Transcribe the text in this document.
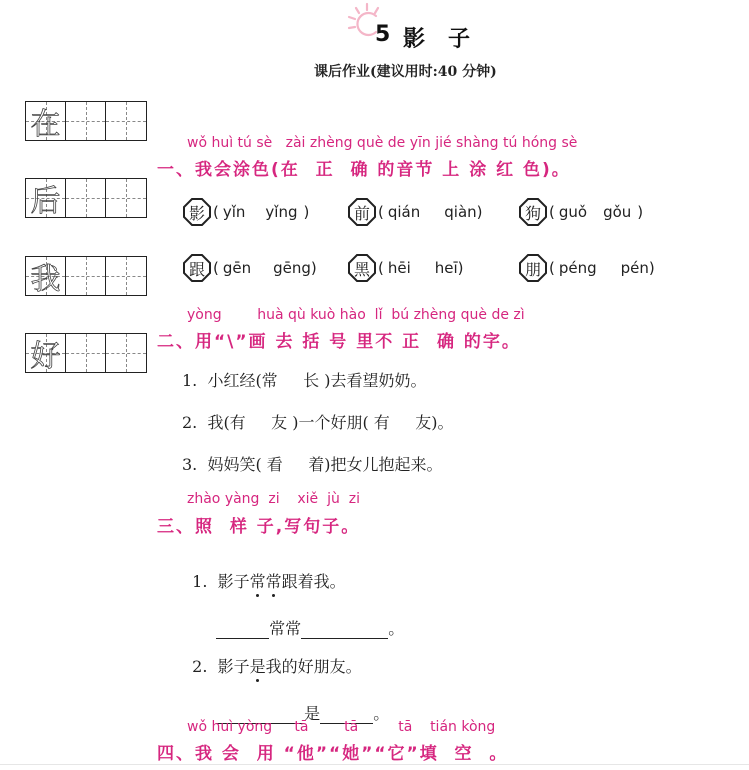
5 影   子
课后作业(建议用时:40 分钟)
在
后
我
好
wǒ huì tú sè   zài zhèng què de yīn jié shàng tú hóng sè
一、我会涂色(在  正  确 的音节 上 涂 红 色)。
影 ( yǐn yǐng )	前 ( qián qiàn )	狗 ( guǒ gǒu )
跟 ( gēn gēng ) 黑 ( hēi heī )	朋 ( péng pén )
yòng        huà qù kuò hào  lǐ  bú zhèng què de zì
二、用“\”画 去 括 号 里不 正  确 的字。
1.  小红经(常     长 )去看望奶奶。
2.  我(有     友 )一个好朋( 有     友)。
3.  妈妈笑( 看     着)把女儿抱起来。
zhào yàng  zi    xiě  jù  zi
三、照  样 子,写句子。

1.  影子常常跟着我。

常常	。

2.  影子是我的好朋友。

是	。

wǒ huì yòng     tā        tā         tā    tián kòng
四、我 会  用 “他”“她”“它”填  空  。
